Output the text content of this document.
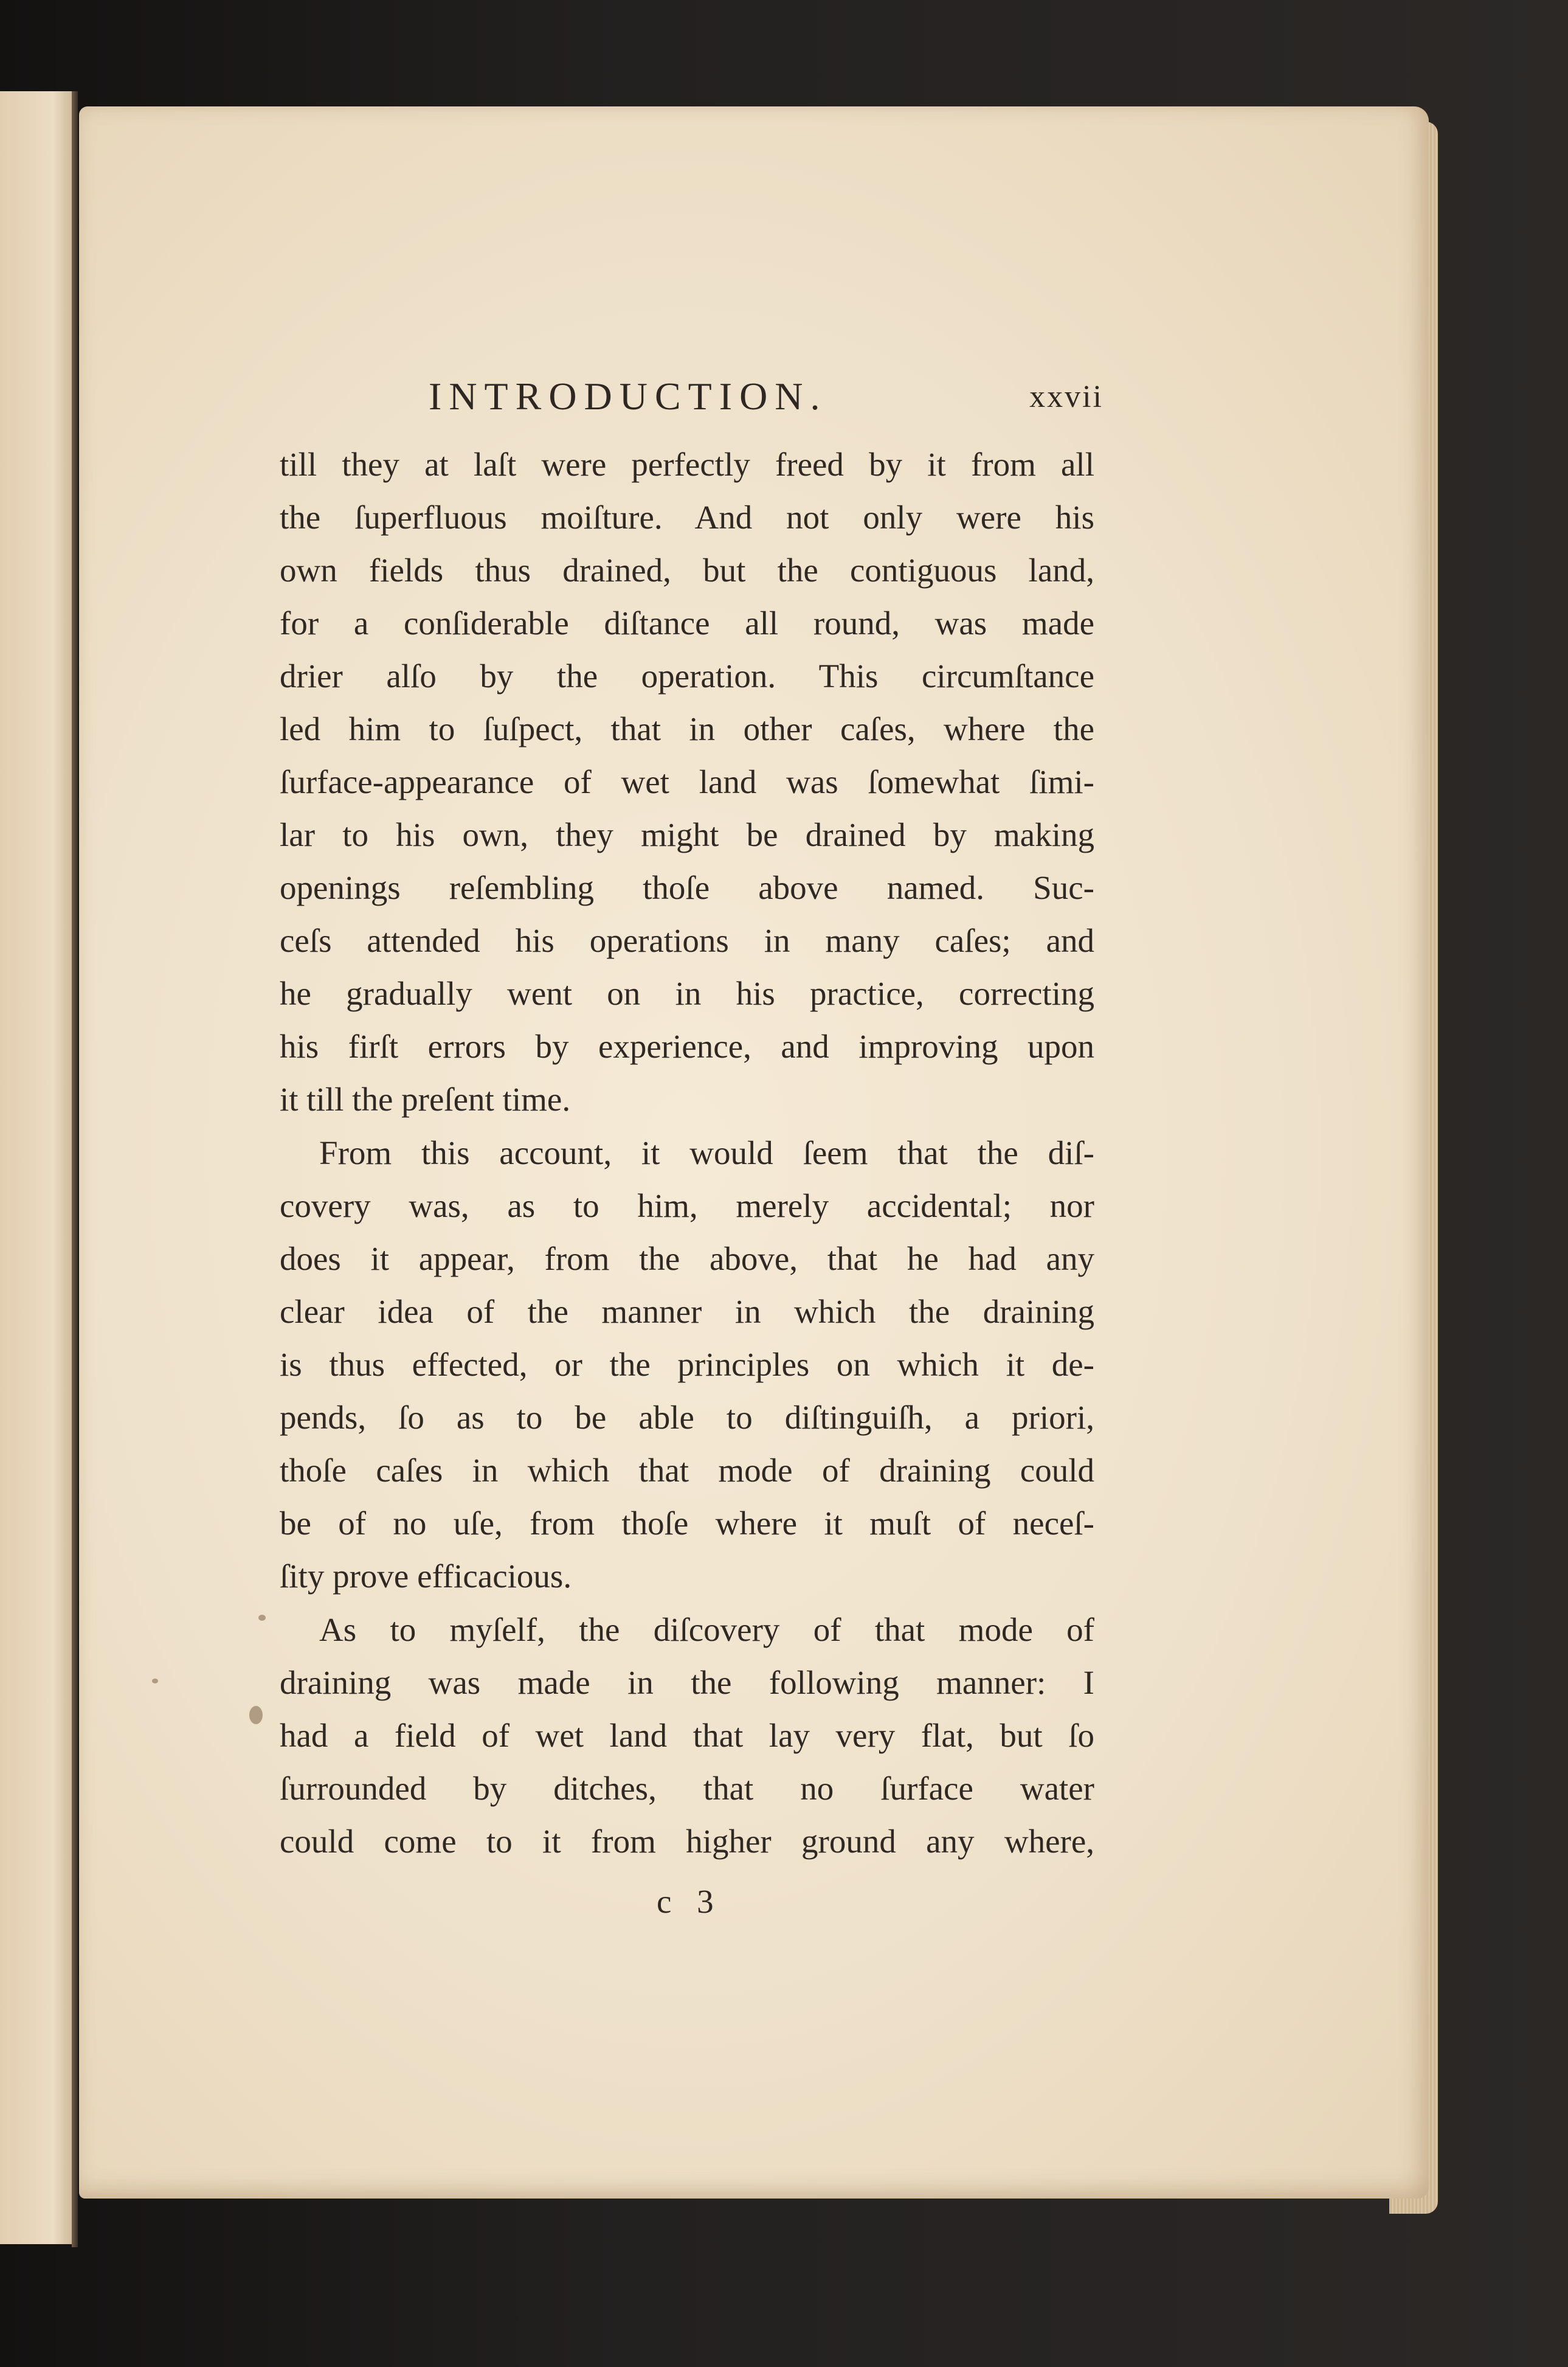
INTRODUCTION.	xxvii
till they at laſt were perfectly freed by it from all
the ſuperfluous moiſture. And not only were his
own fields thus drained, but the contiguous land,
for a conſiderable diſtance all round, was made
drier alſo by the operation. This circumſtance
led him to ſuſpect, that in other caſes, where the
ſurface-appearance of wet land was ſomewhat ſimi-
lar to his own, they might be drained by making
openings reſembling thoſe above named. Suc-
ceſs attended his operations in many caſes; and
he gradually went on in his practice, correcting
his firſt errors by experience, and improving upon
it till the preſent time.
From this account, it would ſeem that the diſ-
covery was, as to him, merely accidental; nor
does it appear, from the above, that he had any
clear idea of the manner in which the draining
is thus effected, or the principles on which it de-
pends, ſo as to be able to diſtinguiſh, a priori,
thoſe caſes in which that mode of draining could
be of no uſe, from thoſe where it muſt of neceſ-
ſity prove efficacious.
As to myſelf, the diſcovery of that mode of
draining was made in the following manner: I
had a field of wet land that lay very flat, but ſo
ſurrounded by ditches, that no ſurface water
could come to it from higher ground any where,
c 3
